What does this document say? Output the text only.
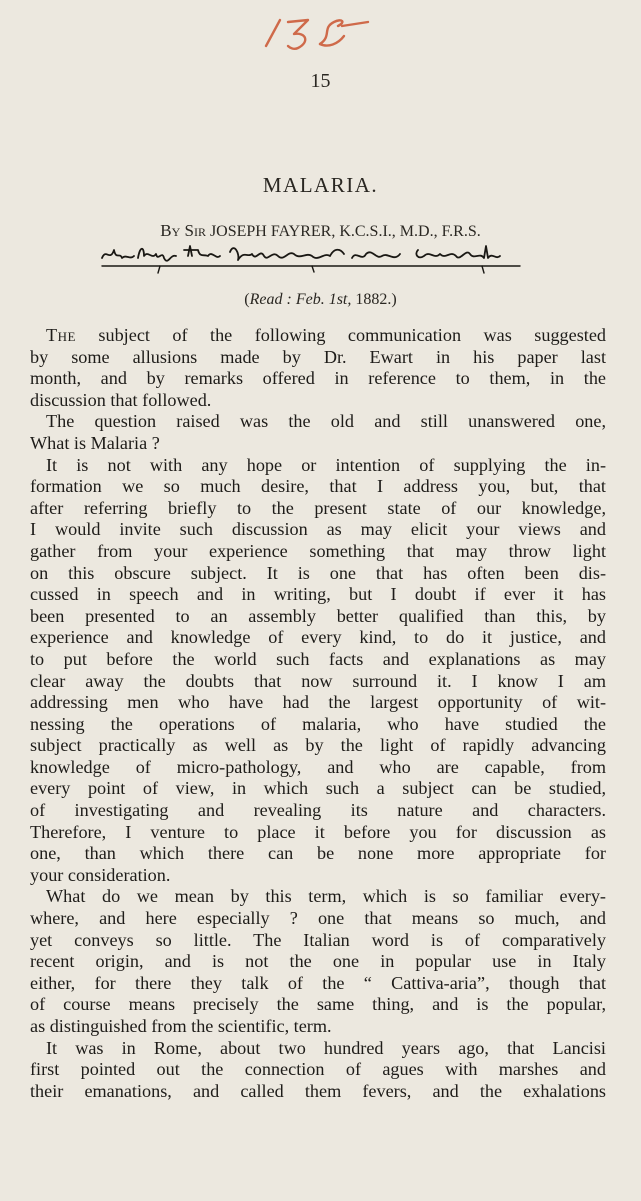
15
MALARIA.
By Sir JOSEPH FAYRER, K.C.S.I., M.D., F.R.S.
(Read : Feb. 1st, 1882.)
The subject of the following communication was suggested
by some allusions made by Dr. Ewart in his paper last
month, and by remarks offered in reference to them, in the
discussion that followed.
The question raised was the old and still unanswered one,
What is Malaria ?
It is not with any hope or intention of supplying the in-
formation we so much desire, that I address you, but, that
after referring briefly to the present state of our knowledge,
I would invite such discussion as may elicit your views and
gather from your experience something that may throw light
on this obscure subject. It is one that has often been dis-
cussed in speech and in writing, but I doubt if ever it has
been presented to an assembly better qualified than this, by
experience and knowledge of every kind, to do it justice, and
to put before the world such facts and explanations as may
clear away the doubts that now surround it. I know I am
addressing men who have had the largest opportunity of wit-
nessing the operations of malaria, who have studied the
subject practically as well as by the light of rapidly advancing
knowledge of micro-pathology, and who are capable, from
every point of view, in which such a subject can be studied,
of investigating and revealing its nature and characters.
Therefore, I venture to place it before you for discussion as
one, than which there can be none more appropriate for
your consideration.
What do we mean by this term, which is so familiar every-
where, and here especially ? one that means so much, and
yet conveys so little. The Italian word is of comparatively
recent origin, and is not the one in popular use in Italy
either, for there they talk of the “ Cattiva-aria”, though that
of course means precisely the same thing, and is the popular,
as distinguished from the scientific, term.
It was in Rome, about two hundred years ago, that Lancisi
first pointed out the connection of agues with marshes and
their emanations, and called them fevers, and the exhalations
